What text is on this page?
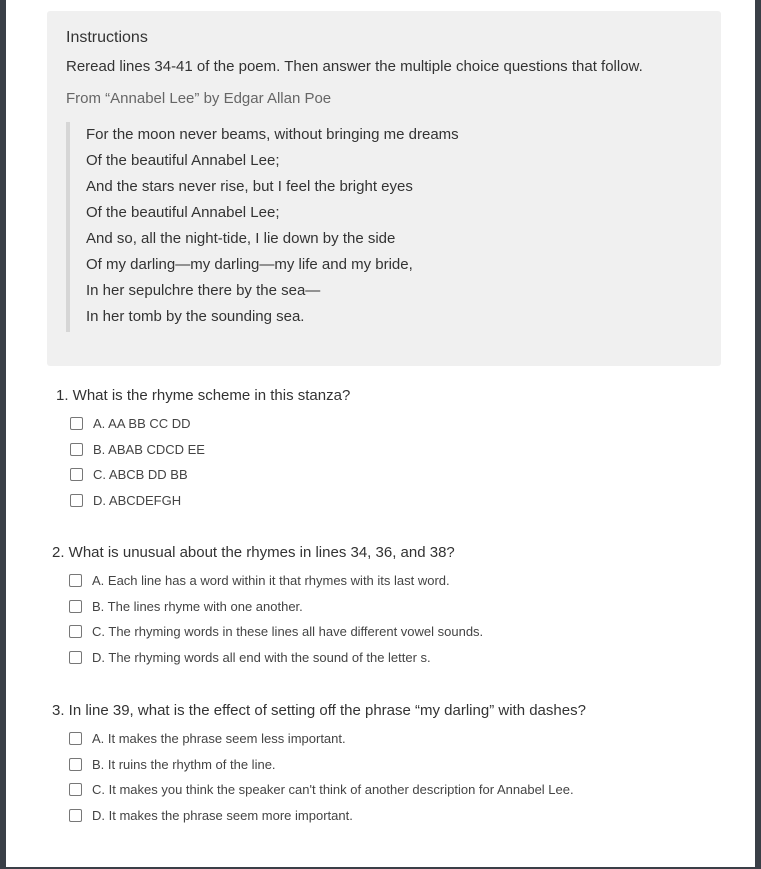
Instructions
Reread lines 34-41 of the poem. Then answer the multiple choice questions that follow.
From “Annabel Lee” by Edgar Allan Poe
For the moon never beams, without bringing me dreams
Of the beautiful Annabel Lee;
And the stars never rise, but I feel the bright eyes
Of the beautiful Annabel Lee;
And so, all the night-tide, I lie down by the side
Of my darling—my darling—my life and my bride,
In her sepulchre there by the sea—
In her tomb by the sounding sea.
1. What is the rhyme scheme in this stanza?
A. AA BB CC DD
B. ABAB CDCD EE
C. ABCB DD BB
D. ABCDEFGH
2. What is unusual about the rhymes in lines 34, 36, and 38?
A. Each line has a word within it that rhymes with its last word.
B. The lines rhyme with one another.
C. The rhyming words in these lines all have different vowel sounds.
D. The rhyming words all end with the sound of the letter s.
3. In line 39, what is the effect of setting off the phrase “my darling” with dashes?
A. It makes the phrase seem less important.
B. It ruins the rhythm of the line.
C. It makes you think the speaker can't think of another description for Annabel Lee.
D. It makes the phrase seem more important.
